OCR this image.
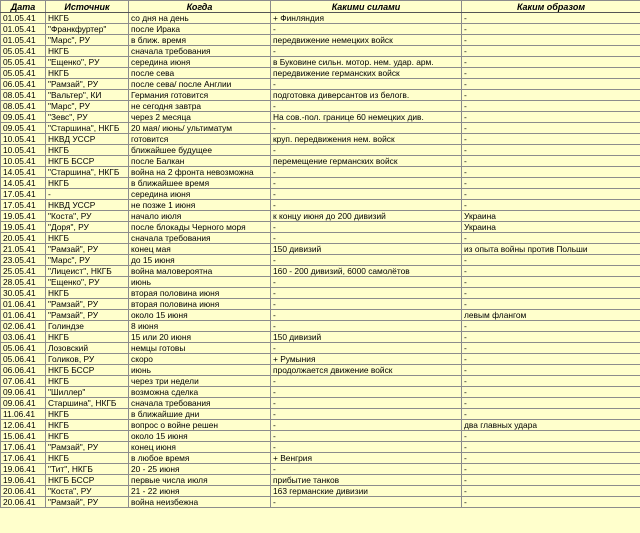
Дата	Источник	Когда	Какими силами	Каким образом
01.05.41	НКГБ	со дня на день	+ Финляндия	-
01.05.41	"Франкфуртер"	после Ирака	-	-
01.05.41	"Марс", РУ	в ближ. время	передвижение немецких войск	-
05.05.41	НКГБ	сначала требования	-	-
05.05.41	"Ещенко", РУ	середина июня	в Буковине сильн. мотор. нем. удар. арм.	-
05.05.41	НКГБ	после сева	передвижение германских войск	-
06.05.41	"Рамзай", РУ	после сева/ после Англии	-	-
08.05.41	"Вальтер", КИ	Германия готовится	подготовка диверсантов из белогв.	-
08.05.41	"Марс", РУ	не сегодня завтра	-	-
09.05.41	"Зевс", РУ	через 2 месяца	На сов.-пол. границе 60 немецких див.	-
09.05.41	"Старшина", НКГБ	20 мая/ июнь/ ультиматум	-	-
10.05.41	НКВД УССР	готовится	круп. передвижения нем. войск	-
10.05.41	НКГБ	ближайшее будущее	-	-
10.05.41	НКГБ БССР	после Балкан	перемещение германских войск	-
14.05.41	"Старшина", НКГБ	война на 2 фронта невозможна	-	-
14.05.41	НКГБ	в ближайшее время	-	-
17.05.41	-	середина июня	-	-
17.05.41	НКВД УССР	не позже 1 июня	-	-
19.05.41	"Коста", РУ	начало июля	к концу июня до 200 дивизий	Украина
19.05.41	"Доря", РУ	после блокады Черного моря	-	Украина
20.05.41	НКГБ	сначала требования	-	-
21.05.41	"Рамзай", РУ	конец мая	150 дивизий	из опыта войны против Польши
23.05.41	"Марс", РУ	до 15 июня	-	-
25.05.41	"Лицеист", НКГБ	война маловероятна	160 - 200 дивизий, 6000 самолётов	-
28.05.41	"Ещенко", РУ	июнь	-	-
30.05.41	НКГБ	вторая половина июня	-	-
01.06.41	"Рамзай", РУ	вторая половина июня	-	-
01.06.41	"Рамзай", РУ	около 15 июня	-	левым флангом
02.06.41	Голиндзе	8 июня	-	-
03.06.41	НКГБ	15 или 20 июня	150 дивизий	-
05.06.41	Лозовский	немцы готовы	-	-
05.06.41	Голиков, РУ	скоро	+ Румыния	-
06.06.41	НКГБ БССР	июнь	продолжается движение войск	-
07.06.41	НКГБ	через три недели	-	-
09.06.41	"Шиллер"	возможна сделка	-	-
09.06.41	Старшина", НКГБ	сначала требования	-	-
11.06.41	НКГБ	в ближайшие дни	-	-
12.06.41	НКГБ	вопрос о войне решен	-	два главных удара
15.06.41	НКГБ	около 15 июня	-	-
17.06.41	"Рамзай", РУ	конец июня	-	-
17.06.41	НКГБ	в любое время	+ Венгрия	-
19.06.41	"Тит", НКГБ	20 - 25 июня	-	-
19.06.41	НКГБ БССР	первые числа июля	прибытие танков	-
20.06.41	"Коста", РУ	21 - 22 июня	163 германские дивизии	-
20.06.41	"Рамзай", РУ	война неизбежна	-	-
